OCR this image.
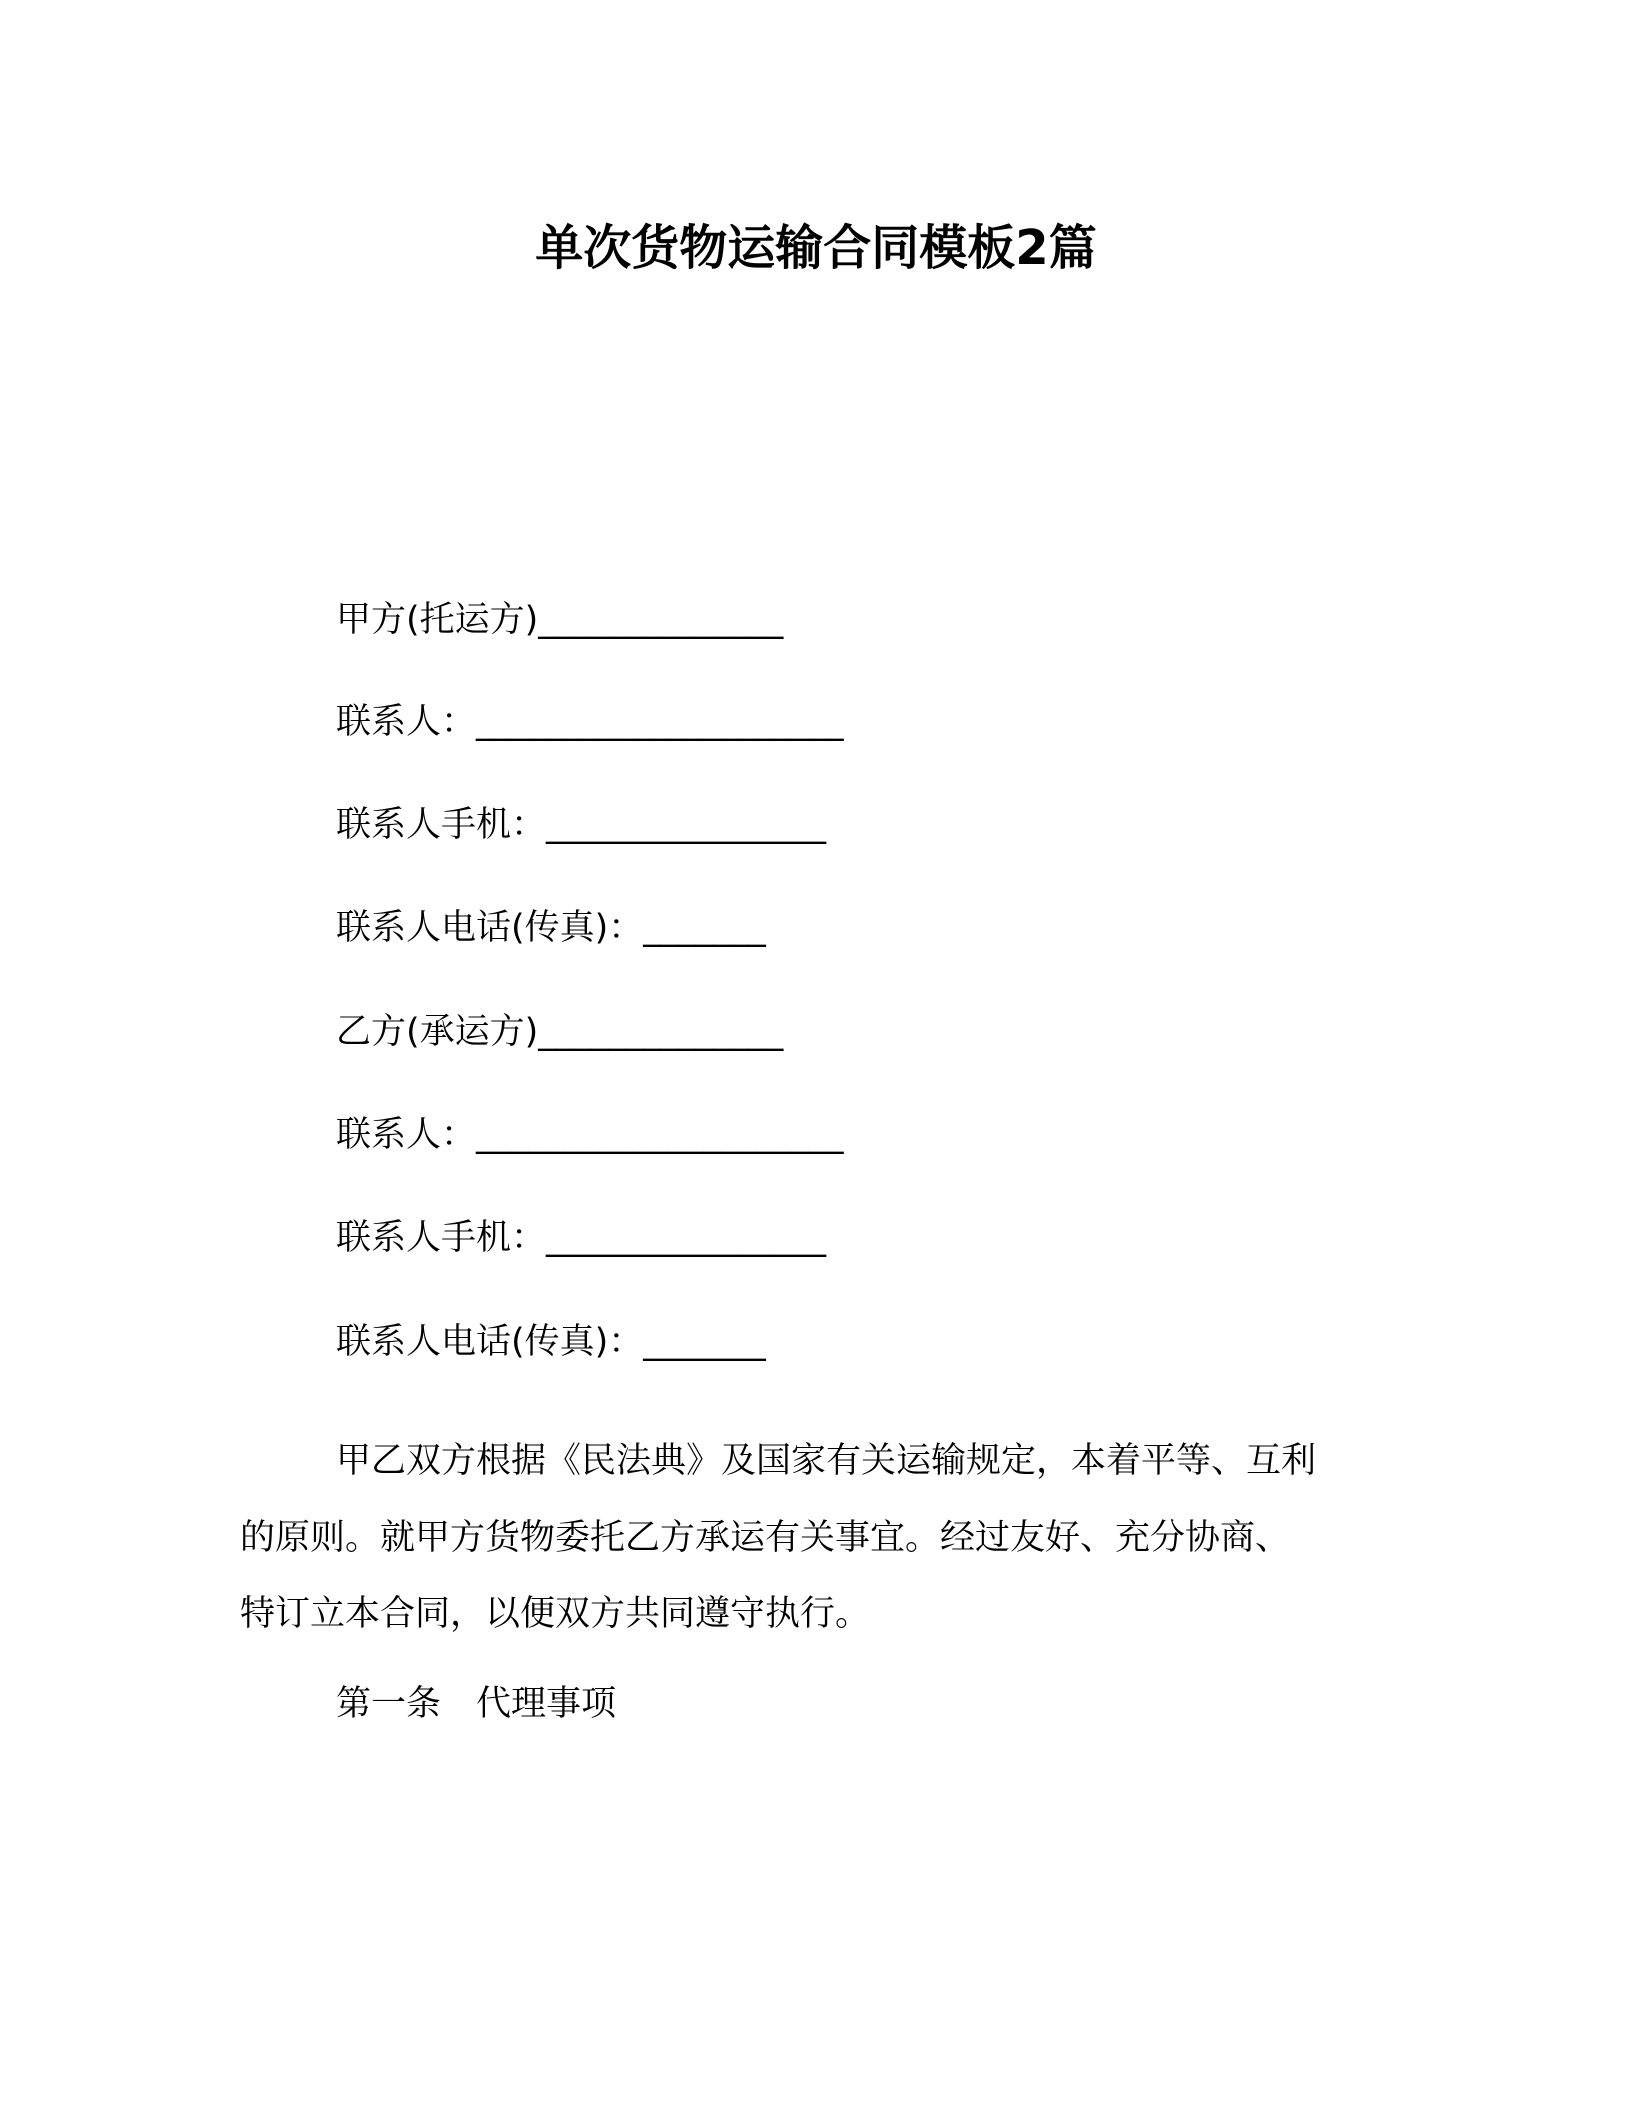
单次货物运输合同模板2篇
甲方(托运方)______________
联系人：_____________________
联系人手机：________________
联系人电话(传真)：_______
乙方(承运方)______________
联系人：_____________________
联系人手机：________________
联系人电话(传真)：_______
甲乙双方根据《民法典》及国家有关运输规定，本着平等、互利
的原则。就甲方货物委托乙方承运有关事宜。经过友好、充分协商、
特订立本合同，以便双方共同遵守执行。
第一条　代理事项
